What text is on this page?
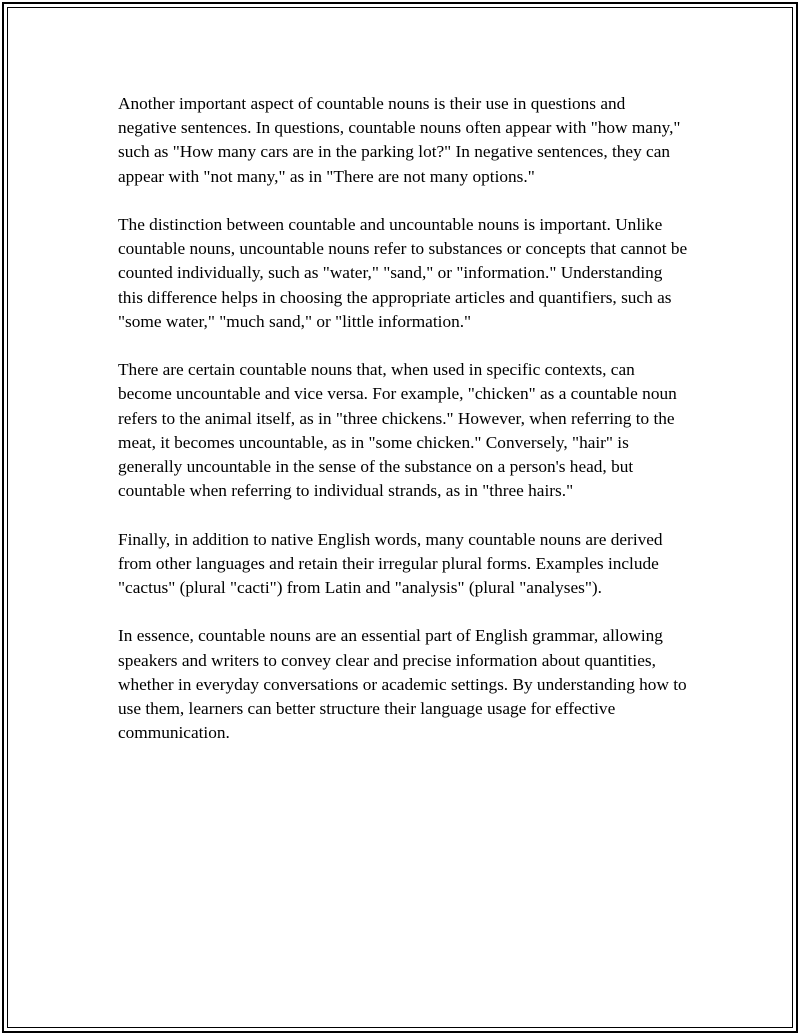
Another important aspect of countable nouns is their use in questions and negative sentences. In questions, countable nouns often appear with "how many," such as "How many cars are in the parking lot?" In negative sentences, they can appear with "not many," as in "There are not many options."

The distinction between countable and uncountable nouns is important. Unlike countable nouns, uncountable nouns refer to substances or concepts that cannot be counted individually, such as "water," "sand," or "information." Understanding this difference helps in choosing the appropriate articles and quantifiers, such as "some water," "much sand," or "little information."

There are certain countable nouns that, when used in specific contexts, can become uncountable and vice versa. For example, "chicken" as a countable noun refers to the animal itself, as in "three chickens." However, when referring to the meat, it becomes uncountable, as in "some chicken." Conversely, "hair" is generally uncountable in the sense of the substance on a person's head, but countable when referring to individual strands, as in "three hairs."

Finally, in addition to native English words, many countable nouns are derived from other languages and retain their irregular plural forms. Examples include "cactus" (plural "cacti") from Latin and "analysis" (plural "analyses").

In essence, countable nouns are an essential part of English grammar, allowing speakers and writers to convey clear and precise information about quantities, whether in everyday conversations or academic settings. By understanding how to use them, learners can better structure their language usage for effective communication.
